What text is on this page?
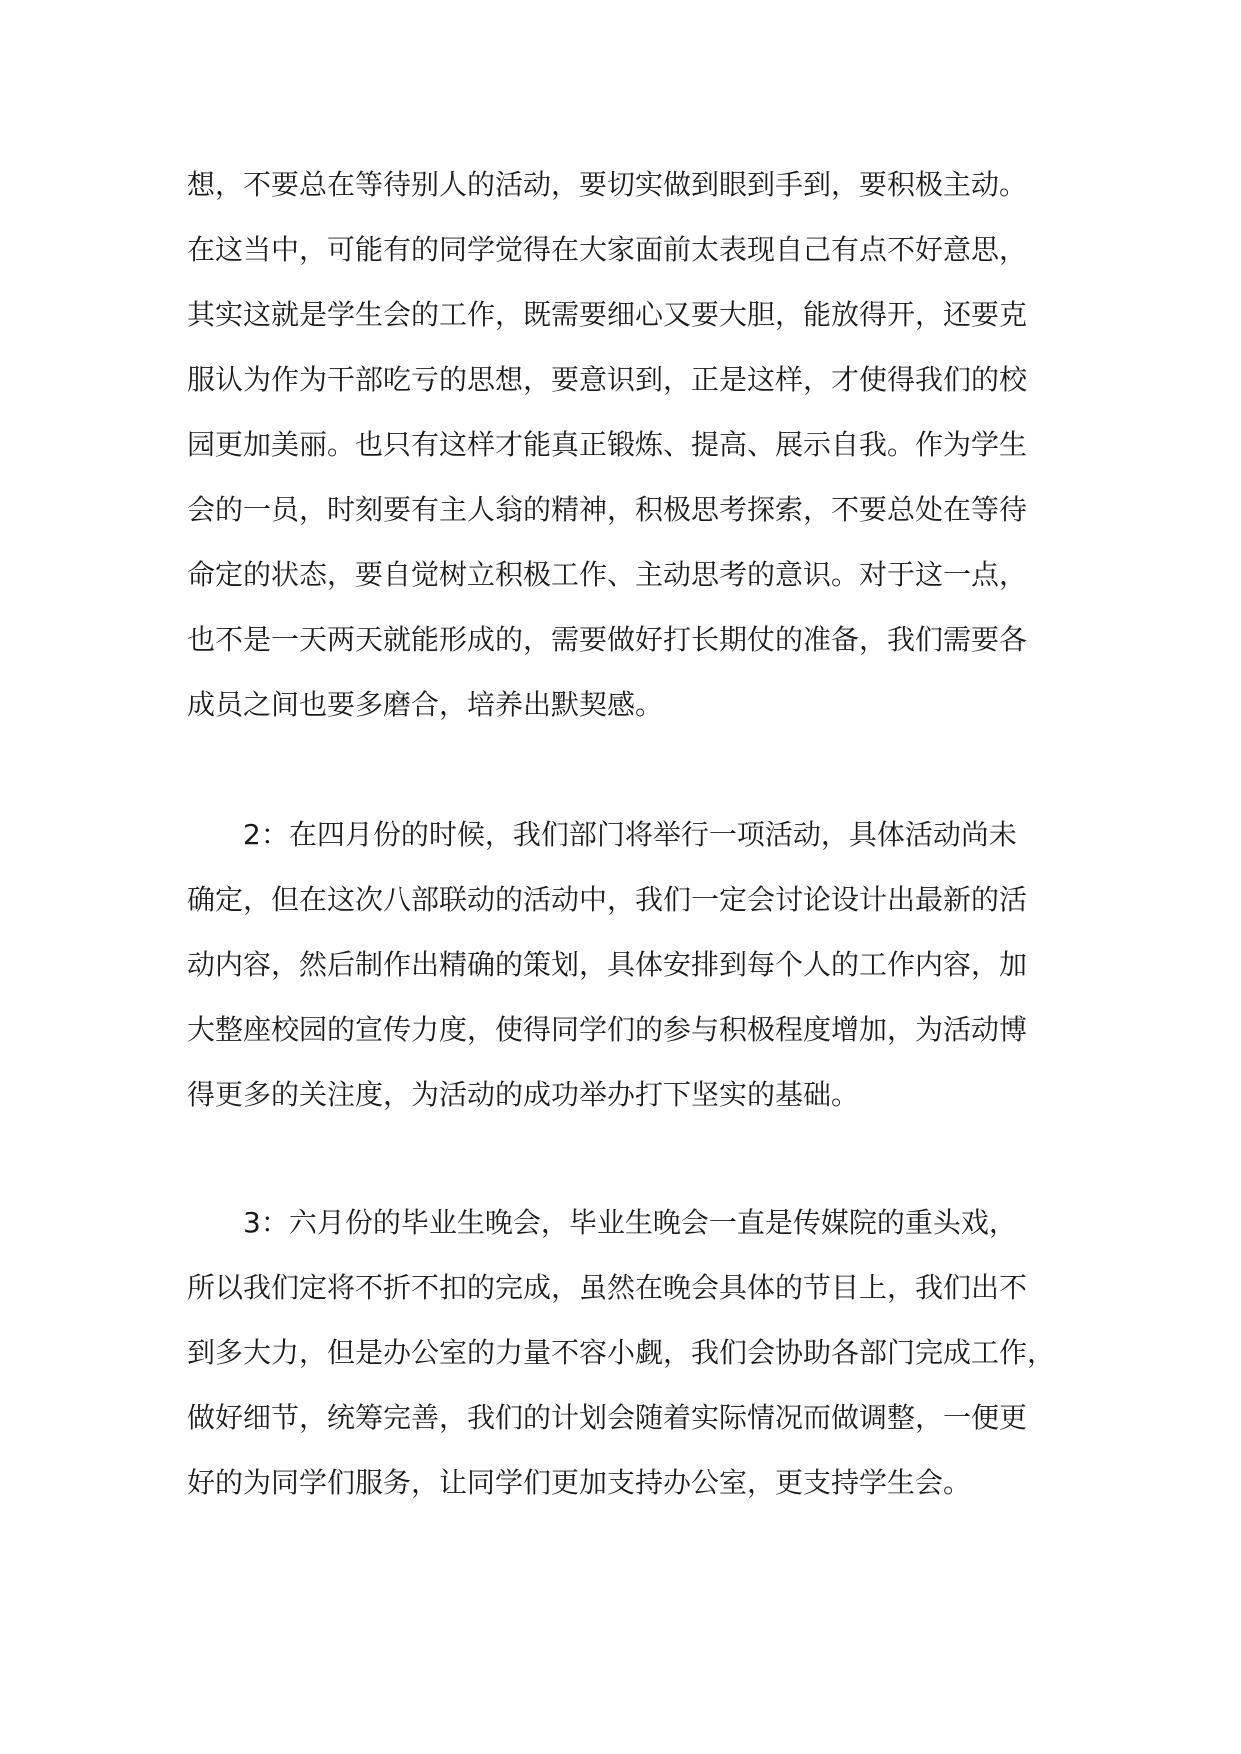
想，不要总在等待别人的活动，要切实做到眼到手到，要积极主动。
在这当中，可能有的同学觉得在大家面前太表现自己有点不好意思，
其实这就是学生会的工作，既需要细心又要大胆，能放得开，还要克
服认为作为干部吃亏的思想，要意识到，正是这样，才使得我们的校
园更加美丽。也只有这样才能真正锻炼、提高、展示自我。作为学生
会的一员，时刻要有主人翁的精神，积极思考探索，不要总处在等待
命定的状态，要自觉树立积极工作、主动思考的意识。对于这一点，
也不是一天两天就能形成的，需要做好打长期仗的准备，我们需要各
成员之间也要多磨合，培养出默契感。
2：在四月份的时候，我们部门将举行一项活动，具体活动尚未
确定，但在这次八部联动的活动中，我们一定会讨论设计出最新的活
动内容，然后制作出精确的策划，具体安排到每个人的工作内容，加
大整座校园的宣传力度，使得同学们的参与积极程度增加，为活动博
得更多的关注度，为活动的成功举办打下坚实的基础。
3：六月份的毕业生晚会，毕业生晚会一直是传媒院的重头戏，
所以我们定将不折不扣的完成，虽然在晚会具体的节目上，我们出不
到多大力，但是办公室的力量不容小觑，我们会协助各部门完成工作，
做好细节，统筹完善，我们的计划会随着实际情况而做调整，一便更
好的为同学们服务，让同学们更加支持办公室，更支持学生会。
